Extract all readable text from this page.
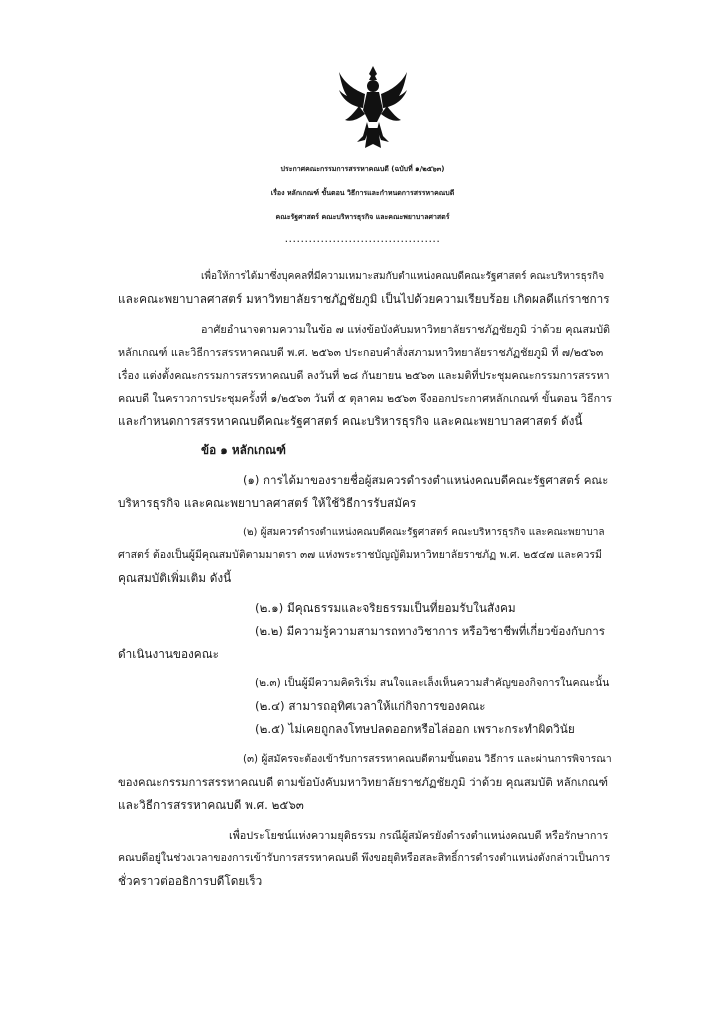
ประกาศคณะกรรมการสรรหาคณบดี (ฉบับที่ ๑/๒๕๖๓)
เรื่อง หลักเกณฑ์ ขั้นตอน วิธีการและกำหนดการสรรหาคณบดี
คณะรัฐศาสตร์ คณะบริหารธุรกิจ และคณะพยาบาลศาสตร์
.......................................
เพื่อให้การได้มาซึ่งบุคคลที่มีความเหมาะสมกับตำแหน่งคณบดีคณะรัฐศาสตร์ คณะบริหารธุรกิจ
และคณะพยาบาลศาสตร์ มหาวิทยาลัยราชภัฏชัยภูมิ เป็นไปด้วยความเรียบร้อย เกิดผลดีแก่ราชการ
อาศัยอำนาจตามความในข้อ ๗ แห่งข้อบังคับมหาวิทยาลัยราชภัฏชัยภูมิ ว่าด้วย คุณสมบัติ
หลักเกณฑ์ และวิธีการสรรหาคณบดี พ.ศ. ๒๕๖๓ ประกอบคำสั่งสภามหาวิทยาลัยราชภัฏชัยภูมิ ที่ ๗/๒๕๖๓
เรื่อง แต่งตั้งคณะกรรมการสรรหาคณบดี ลงวันที่ ๒๘ กันยายน ๒๕๖๓ และมติที่ประชุมคณะกรรมการสรรหา
คณบดี ในคราวการประชุมครั้งที่ ๑/๒๕๖๓ วันที่ ๕ ตุลาคม ๒๕๖๓ จึงออกประกาศหลักเกณฑ์ ขั้นตอน วิธีการ
และกำหนดการสรรหาคณบดีคณะรัฐศาสตร์ คณะบริหารธุรกิจ และคณะพยาบาลศาสตร์ ดังนี้
ข้อ ๑ หลักเกณฑ์
(๑) การได้มาของรายชื่อผู้สมควรดำรงตำแหน่งคณบดีคณะรัฐศาสตร์ คณะ
บริหารธุรกิจ และคณะพยาบาลศาสตร์ ให้ใช้วิธีการรับสมัคร
(๒) ผู้สมควรดำรงตำแหน่งคณบดีคณะรัฐศาสตร์ คณะบริหารธุรกิจ และคณะพยาบาล
ศาสตร์ ต้องเป็นผู้มีคุณสมบัติตามมาตรา ๓๗ แห่งพระราชบัญญัติมหาวิทยาลัยราชภัฏ พ.ศ. ๒๕๔๗ และควรมี
คุณสมบัติเพิ่มเติม ดังนี้
(๒.๑) มีคุณธรรมและจริยธรรมเป็นที่ยอมรับในสังคม
(๒.๒) มีความรู้ความสามารถทางวิชาการ หรือวิชาชีพที่เกี่ยวข้องกับการ
ดำเนินงานของคณะ
(๒.๓) เป็นผู้มีความคิดริเริ่ม สนใจและเล็งเห็นความสำคัญของกิจการในคณะนั้น
(๒.๔) สามารถอุทิศเวลาให้แก่กิจการของคณะ
(๒.๕) ไม่เคยถูกลงโทษปลดออกหรือไล่ออก เพราะกระทำผิดวินัย
(๓) ผู้สมัครจะต้องเข้ารับการสรรหาคณบดีตามขั้นตอน วิธีการ และผ่านการพิจารณา
ของคณะกรรมการสรรหาคณบดี ตามข้อบังคับมหาวิทยาลัยราชภัฏชัยภูมิ ว่าด้วย คุณสมบัติ หลักเกณฑ์
และวิธีการสรรหาคณบดี พ.ศ. ๒๕๖๓
เพื่อประโยชน์แห่งความยุติธรรม กรณีผู้สมัครยังดำรงตำแหน่งคณบดี หรือรักษาการ
คณบดีอยู่ในช่วงเวลาของการเข้ารับการสรรหาคณบดี พึงขอยุติหรือสละสิทธิ์การดำรงตำแหน่งดังกล่าวเป็นการ
ชั่วคราวต่ออธิการบดีโดยเร็ว
